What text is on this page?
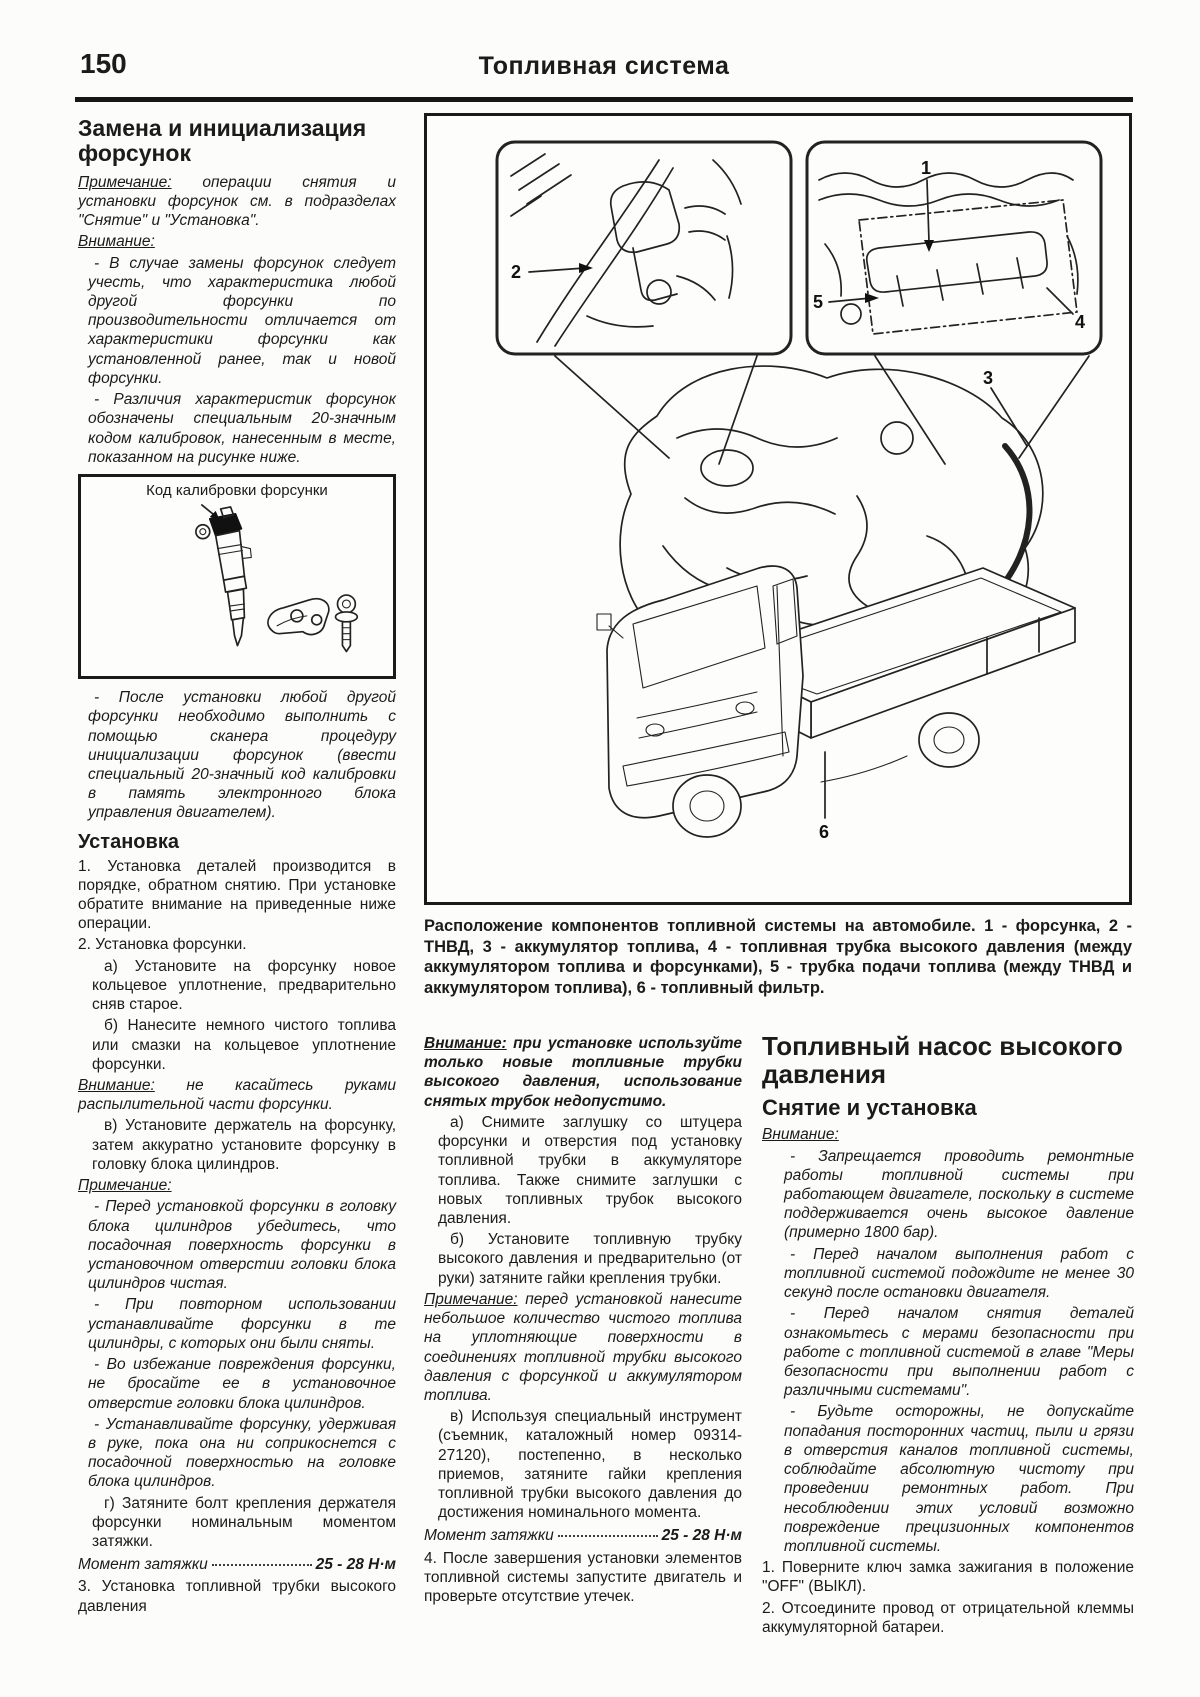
150	Топливная система
Замена и инициализация форсунок

Примечание: операции снятия и установки форсунок см. в подразделах "Снятие" и "Установка".

Внимание:

- В случае замены форсунок следует учесть, что характеристика любой другой форсунки по производительности отличается от характеристики форсунки как установленной ранее, так и новой форсунки.

- Различия характеристик форсунок обозначены специальным 20-значным кодом калибровок, нанесенным в месте, показанном на рисунке ниже.

Код калибровки форсунки

- После установки любой другой форсунки необходимо выполнить с помощью сканера процедуру инициализации форсунок (ввести специальный 20-значный код калибровки в память электронного блока управления двигателем).

Установка

1. Установка деталей производится в порядке, обратном снятию. При установке обратите внимание на приведенные ниже операции.

2. Установка форсунки.

а) Установите на форсунку новое кольцевое уплотнение, предварительно сняв старое.

б) Нанесите немного чистого топлива или смазки на кольцевое уплотнение форсунки.

Внимание: не касайтесь руками распылительной части форсунки.

в) Установите держатель на форсунку, затем аккуратно установите форсунку в головку блока цилиндров.

Примечание:

- Перед установкой форсунки в головку блока цилиндров убедитесь, что посадочная поверхность форсунки в установочном отверстии головки блока цилиндров чистая.

- При повторном использовании устанавливайте форсунки в те цилиндры, с которых они были сняты.

- Во избежание повреждения форсунки, не бросайте ее в установочное отверстие головки блока цилиндров.

- Устанавливайте форсунку, удерживая в руке, пока она ни соприкоснется с посадочной поверхностью на головке блока цилиндров.

г) Затяните болт крепления держателя форсунки номинальным моментом затяжки.

Момент затяжки	25 - 28 Н·м

3. Установка топливной трубки высокого давления

2
1
5
4
3
6
Расположение компонентов топливной системы на автомобиле. 1 - форсунка, 2 - ТНВД, 3 - аккумулятор топлива, 4 - топливная трубка высокого давления (между аккумулятором топлива и форсунками), 5 - трубка подачи топлива (между ТНВД и аккумулятором топлива), 6 - топливный фильтр.

Внимание: при установке используйте только новые топливные трубки высокого давления, использование снятых трубок недопустимо.

а) Снимите заглушку со штуцера форсунки и отверстия под установку топливной трубки в аккумуляторе топлива. Также снимите заглушки с новых топливных трубок высокого давления.

б) Установите топливную трубку высокого давления и предварительно (от руки) затяните гайки крепления трубки.

Примечание: перед установкой нанесите небольшое количество чистого топлива на уплотняющие поверхности в соединениях топливной трубки высокого давления с форсункой и аккумулятором топлива.

в) Используя специальный инструмент (съемник, каталожный номер 09314-27120), постепенно, в несколько приемов, затяните гайки крепления топливной трубки высокого давления до достижения номинального момента.

Момент затяжки	25 - 28 Н·м

4. После завершения установки элементов топливной системы запустите двигатель и проверьте отсутствие утечек.

Топливный насос высокого давления
Снятие и установка

Внимание:

- Запрещается проводить ремонтные работы топливной системы при работающем двигателе, поскольку в системе поддерживается очень высокое давление (примерно 1800 бар).

- Перед началом выполнения работ с топливной системой подождите не менее 30 секунд после остановки двигателя.

- Перед началом снятия деталей ознакомьтесь с мерами безопасности при работе с топливной системой в главе "Меры безопасности при выполнении работ с различными системами".

- Будьте осторожны, не допускайте попадания посторонних частиц, пыли и грязи в отверстия каналов топливной системы, соблюдайте абсолютную чистоту при проведении ремонтных работ. При несоблюдении этих условий возможно повреждение прецизионных компонентов топливной системы.

1. Поверните ключ замка зажигания в положение "OFF" (ВЫКЛ).

2. Отсоедините провод от отрицательной клеммы аккумуляторной батареи.
